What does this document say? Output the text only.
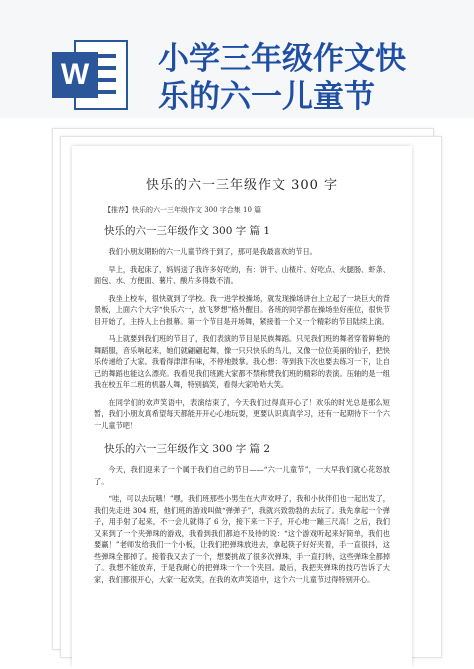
W 小学三年级作文快
乐的六一儿童节
快乐的六一三年级作文 300 字
【推荐】快乐的六一三年级作文 300 字合集 10 篇
快乐的六一三年级作文 300 字 篇 1

我们小朋友期盼的六一儿童节终于到了，那可是我最喜欢的节日。

早上，我起床了，妈妈送了我许多好吃的，有：饼干、山楂片、好吃点、火腿肠、虾条、面包、水、方便面、薯片、酸片多得数不清。

我坐上校车，很快就到了学校。我一进学校操场，就发现操场讲台上立起了一块巨大的背景板，上面六个大字“快乐六一，放飞梦想”格外醒目。各班的同学都在操场坐好座位，很快节目开始了，主持人上台报幕。第一个节目是开场舞，紧接着一个又一个精彩的节目陆续上演。

马上就要到我们班的节目了，我们表演的节目是民族舞蹈。只见我们班的舞者穿着鲜艳的舞蹈服，音乐响起来，她们就翩翩起舞，像一只只快乐的鸟儿，又像一位位美丽的仙子，把快乐传递给了大家。我看得津津有味，不停地鼓掌。我心想：等到我下次也要去练习一下，让自己的舞蹈也能这么漂亮。我看见我们班跳大家都不禁称赞我们班的精彩的表演。压轴的是一组我在校五年二班的机器人舞，特别搞笑，看得大家哈哈大笑。

在同学们的欢声笑语中，表演结束了，今天我们过得真开心了！欢乐的时光总是那么短暂，我们小朋友真希望每天都能开开心心地玩耍，更要认识真真学习，还有一起期待下一个六一儿童节吧！

快乐的六一三年级作文 300 字 篇 2

今天，我们迎来了一个属于我们自己的节日——“六一儿童节”，一大早我们就心花怒放了。

“哇，可以去玩哦！”嘿，我们班那些小男生在大声欢呼了，我和小伙伴们也一起出发了，我们先走进 304 班，他们班的游戏叫做“弹弹子”，我就兴致勃勃的去玩了。我先拿起一个弹子，用手射了起来，不一会儿就得了 6 分，接下来一下子，开心地一蹦三尺高！之后，我们又来到了一个夹弹珠的游戏，我看到我们都迫不及待的说：“这个游戏听起来好简单，我们也要赢！”老师发给我们一个小板，让我们把弹珠放进去，拿起筷子好好夹着，手一直很抖，这些弹珠全都掉了。接着我又去了一个，想要挑战了很多次弹珠，手一直打转，这些弹珠全都掉了。我想不能放弃，于是我耐心的把弹珠一个一个夹回。最后，我把夹弹珠的技巧告诉了大家，我们都很开心，大家一起欢笑，在我的欢声笑语中，这个六一儿童节过得特别开心。
